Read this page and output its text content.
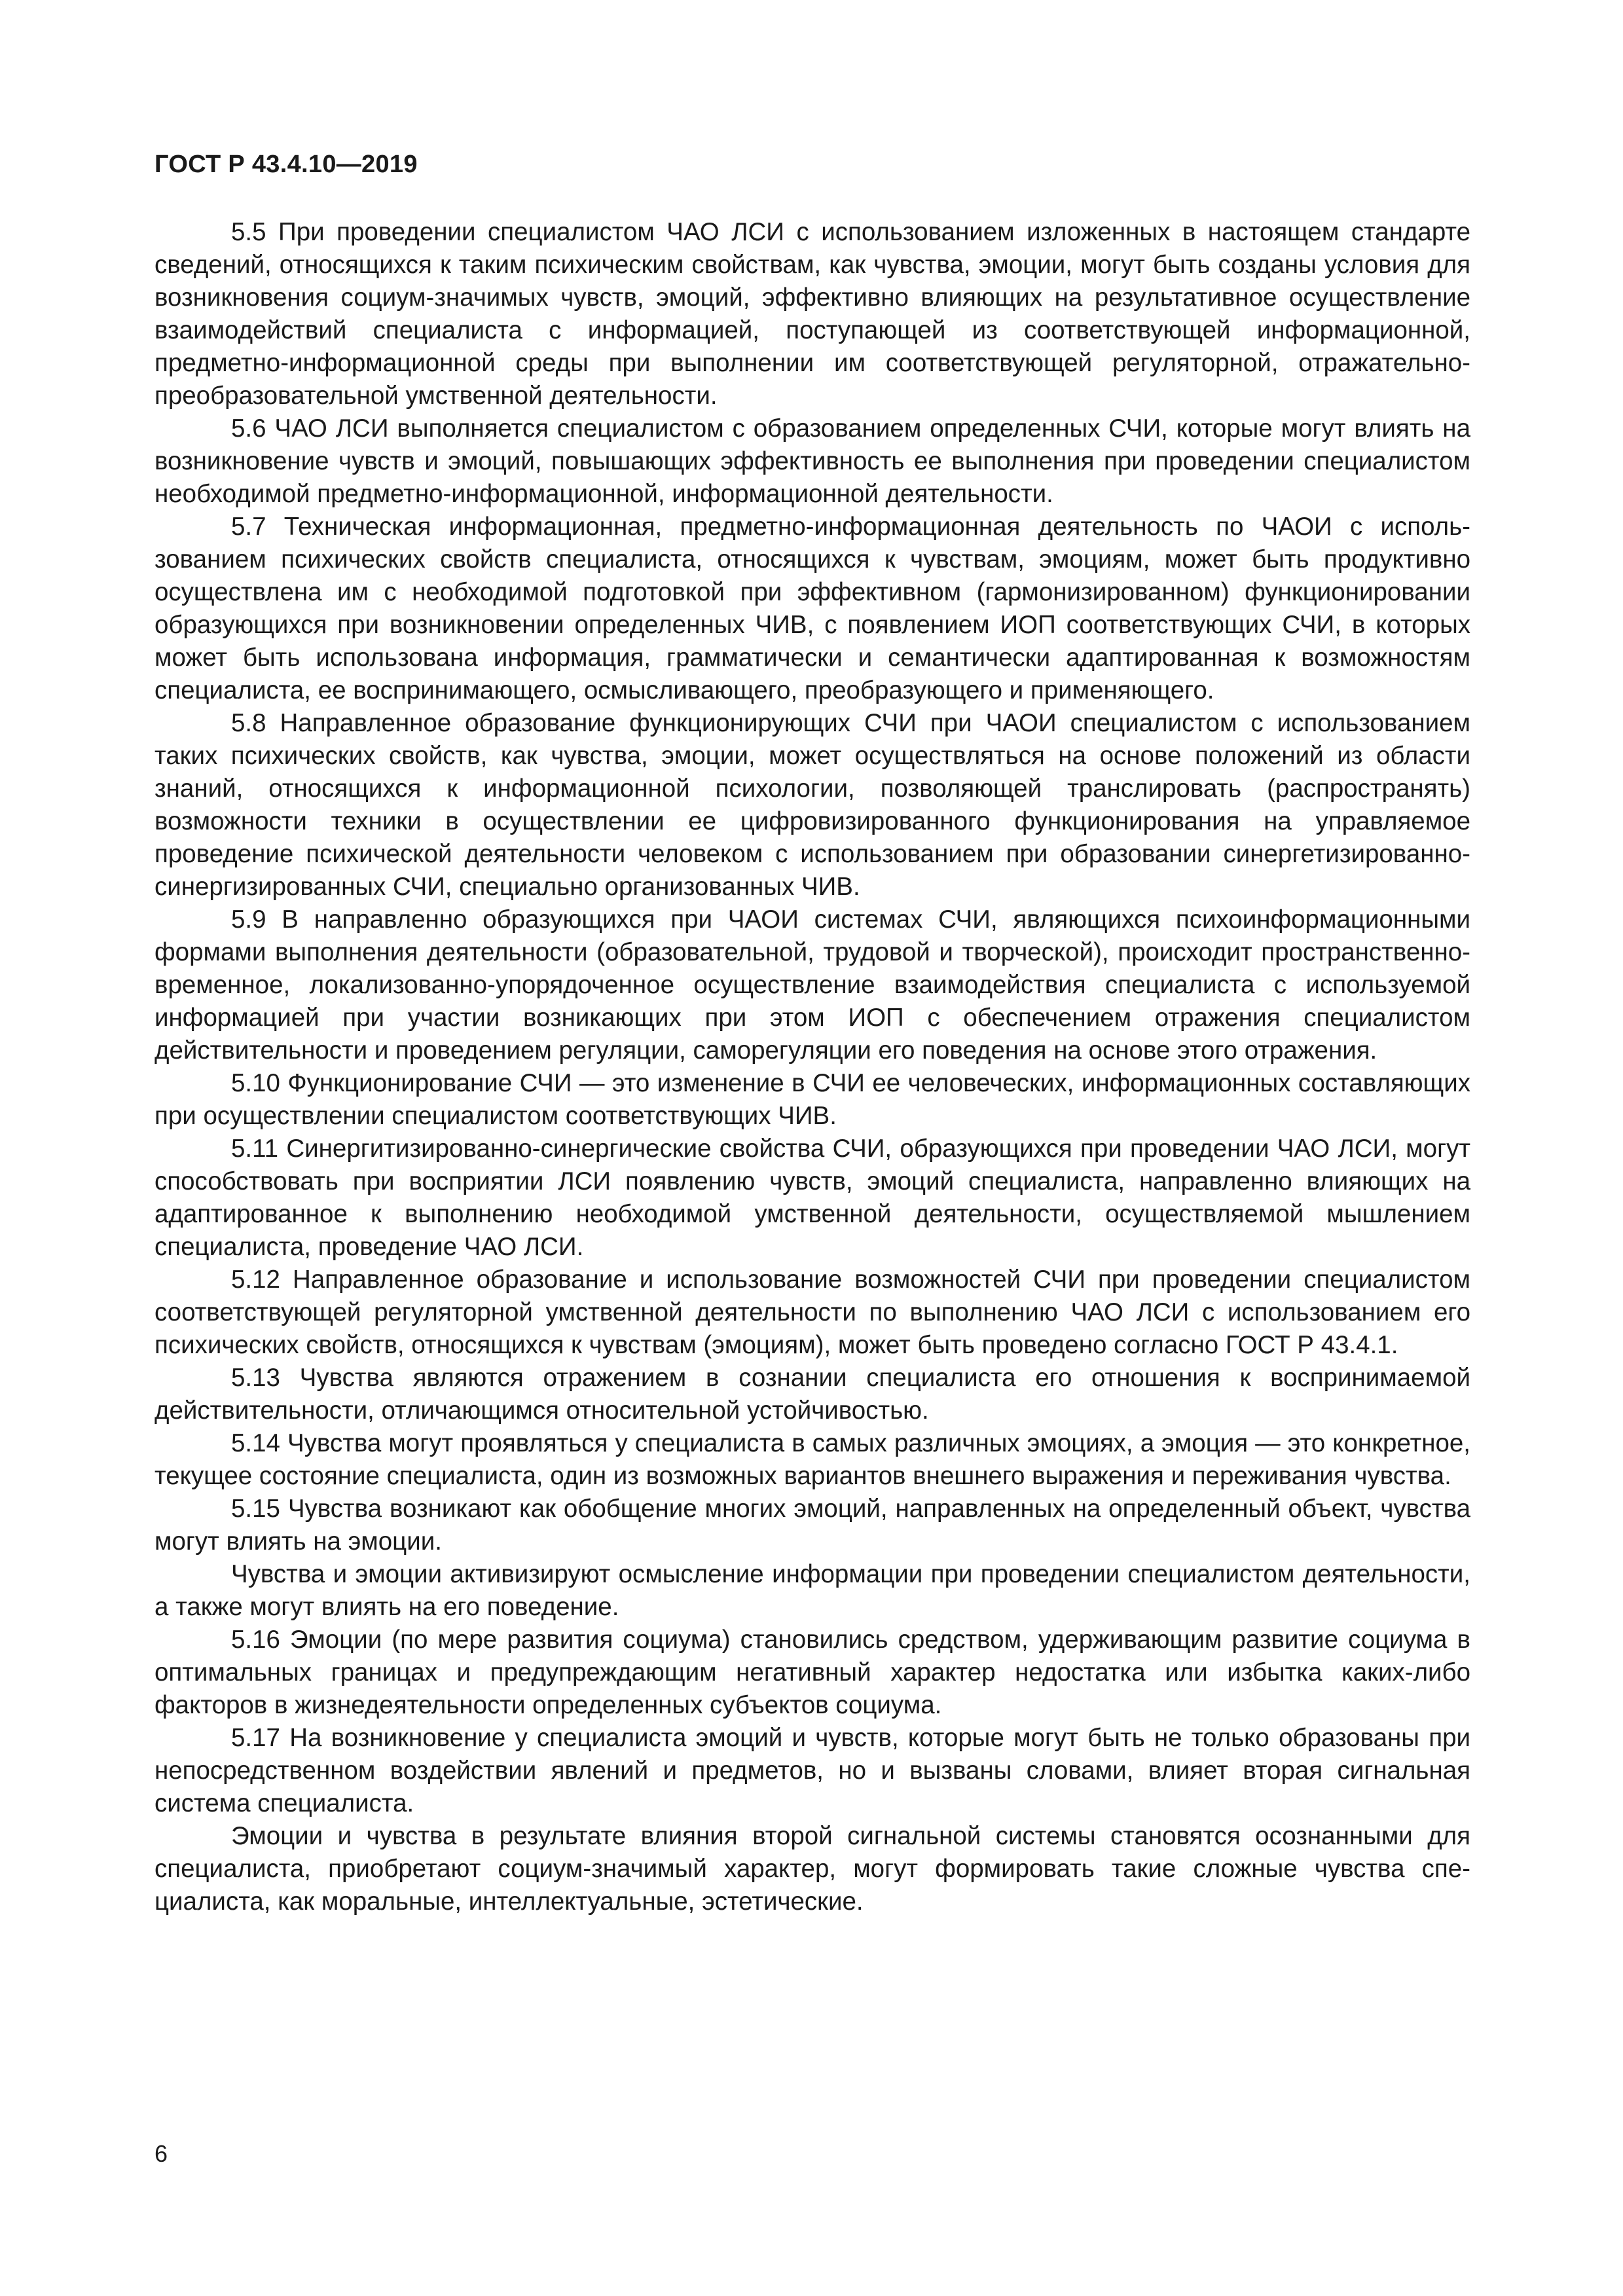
ГОСТ Р 43.4.10—2019

5.5 При проведении специалистом ЧАО ЛСИ с использованием изложенных в настоящем стандарте сведений, относящихся к таким психическим свойствам, как чувства, эмоции, могут быть созданы условия для возникновения социум-значимых чувств, эмоций, эффективно влияющих на результативное осуществление взаимодействий специалиста с информацией, поступающей из соответствующей информационной, предметно-информационной среды при выполнении им соответствующей регуляторной, отражательно-преобразовательной умственной деятельности.

5.6 ЧАО ЛСИ выполняется специалистом с образованием определенных СЧИ, которые могут влиять на возникновение чувств и эмоций, повышающих эффективность ее выполнения при проведении специалистом необходимой предметно-информационной, информационной деятельности.

5.7 Техническая информационная, предметно-информационная деятельность по ЧАОИ с использованием психических свойств специалиста, относящихся к чувствам, эмоциям, может быть продуктивно осуществлена им с необходимой подготовкой при эффективном (гармонизированном) функционировании образующихся при возникновении определенных ЧИВ, с появлением ИОП соответствующих СЧИ, в которых может быть использована информация, грамматически и семантически адаптированная к возможностям специалиста, ее воспринимающего, осмысливающего, преобразующего и применяющего.

5.8 Направленное образование функционирующих СЧИ при ЧАОИ специалистом с использованием таких психических свойств, как чувства, эмоции, может осуществляться на основе положений из области знаний, относящихся к информационной психологии, позволяющей транслировать (распространять) возможности техники в осуществлении ее цифровизированного функционирования на управляемое проведение психической деятельности человеком с использованием при образовании синергетизированно-синергизированных СЧИ, специально организованных ЧИВ.

5.9 В направленно образующихся при ЧАОИ системах СЧИ, являющихся психоинформационными формами выполнения деятельности (образовательной, трудовой и творческой), происходит пространственно-временное, локализованно-упорядоченное осуществление взаимодействия специалиста с используемой информацией при участии возникающих при этом ИОП с обеспечением отражения специалистом действительности и проведением регуляции, саморегуляции его поведения на основе этого отражения.

5.10 Функционирование СЧИ — это изменение в СЧИ ее человеческих, информационных составляющих при осуществлении специалистом соответствующих ЧИВ.

5.11 Синергитизированно-синергические свойства СЧИ, образующихся при проведении ЧАО ЛСИ, могут способствовать при восприятии ЛСИ появлению чувств, эмоций специалиста, направленно влияющих на адаптированное к выполнению необходимой умственной деятельности, осуществляемой мышлением специалиста, проведение ЧАО ЛСИ.

5.12 Направленное образование и использование возможностей СЧИ при проведении специалистом соответствующей регуляторной умственной деятельности по выполнению ЧАО ЛСИ с использованием его психических свойств, относящихся к чувствам (эмоциям), может быть проведено согласно ГОСТ Р 43.4.1.

5.13 Чувства являются отражением в сознании специалиста его отношения к воспринимаемой действительности, отличающимся относительной устойчивостью.

5.14 Чувства могут проявляться у специалиста в самых различных эмоциях, а эмоция — это конкретное, текущее состояние специалиста, один из возможных вариантов внешнего выражения и переживания чувства.

5.15 Чувства возникают как обобщение многих эмоций, направленных на определенный объект, чувства могут влиять на эмоции.

Чувства и эмоции активизируют осмысление информации при проведении специалистом деятельности, а также могут влиять на его поведение.

5.16 Эмоции (по мере развития социума) становились средством, удерживающим развитие социума в оптимальных границах и предупреждающим негативный характер недостатка или избытка каких-либо факторов в жизнедеятельности определенных субъектов социума.

5.17 На возникновение у специалиста эмоций и чувств, которые могут быть не только образованы при непосредственном воздействии явлений и предметов, но и вызваны словами, влияет вторая сигнальная система специалиста.

Эмоции и чувства в результате влияния второй сигнальной системы становятся осознанными для специалиста, приобретают социум-значимый характер, могут формировать такие сложные чувства специалиста, как моральные, интеллектуальные, эстетические.

6
